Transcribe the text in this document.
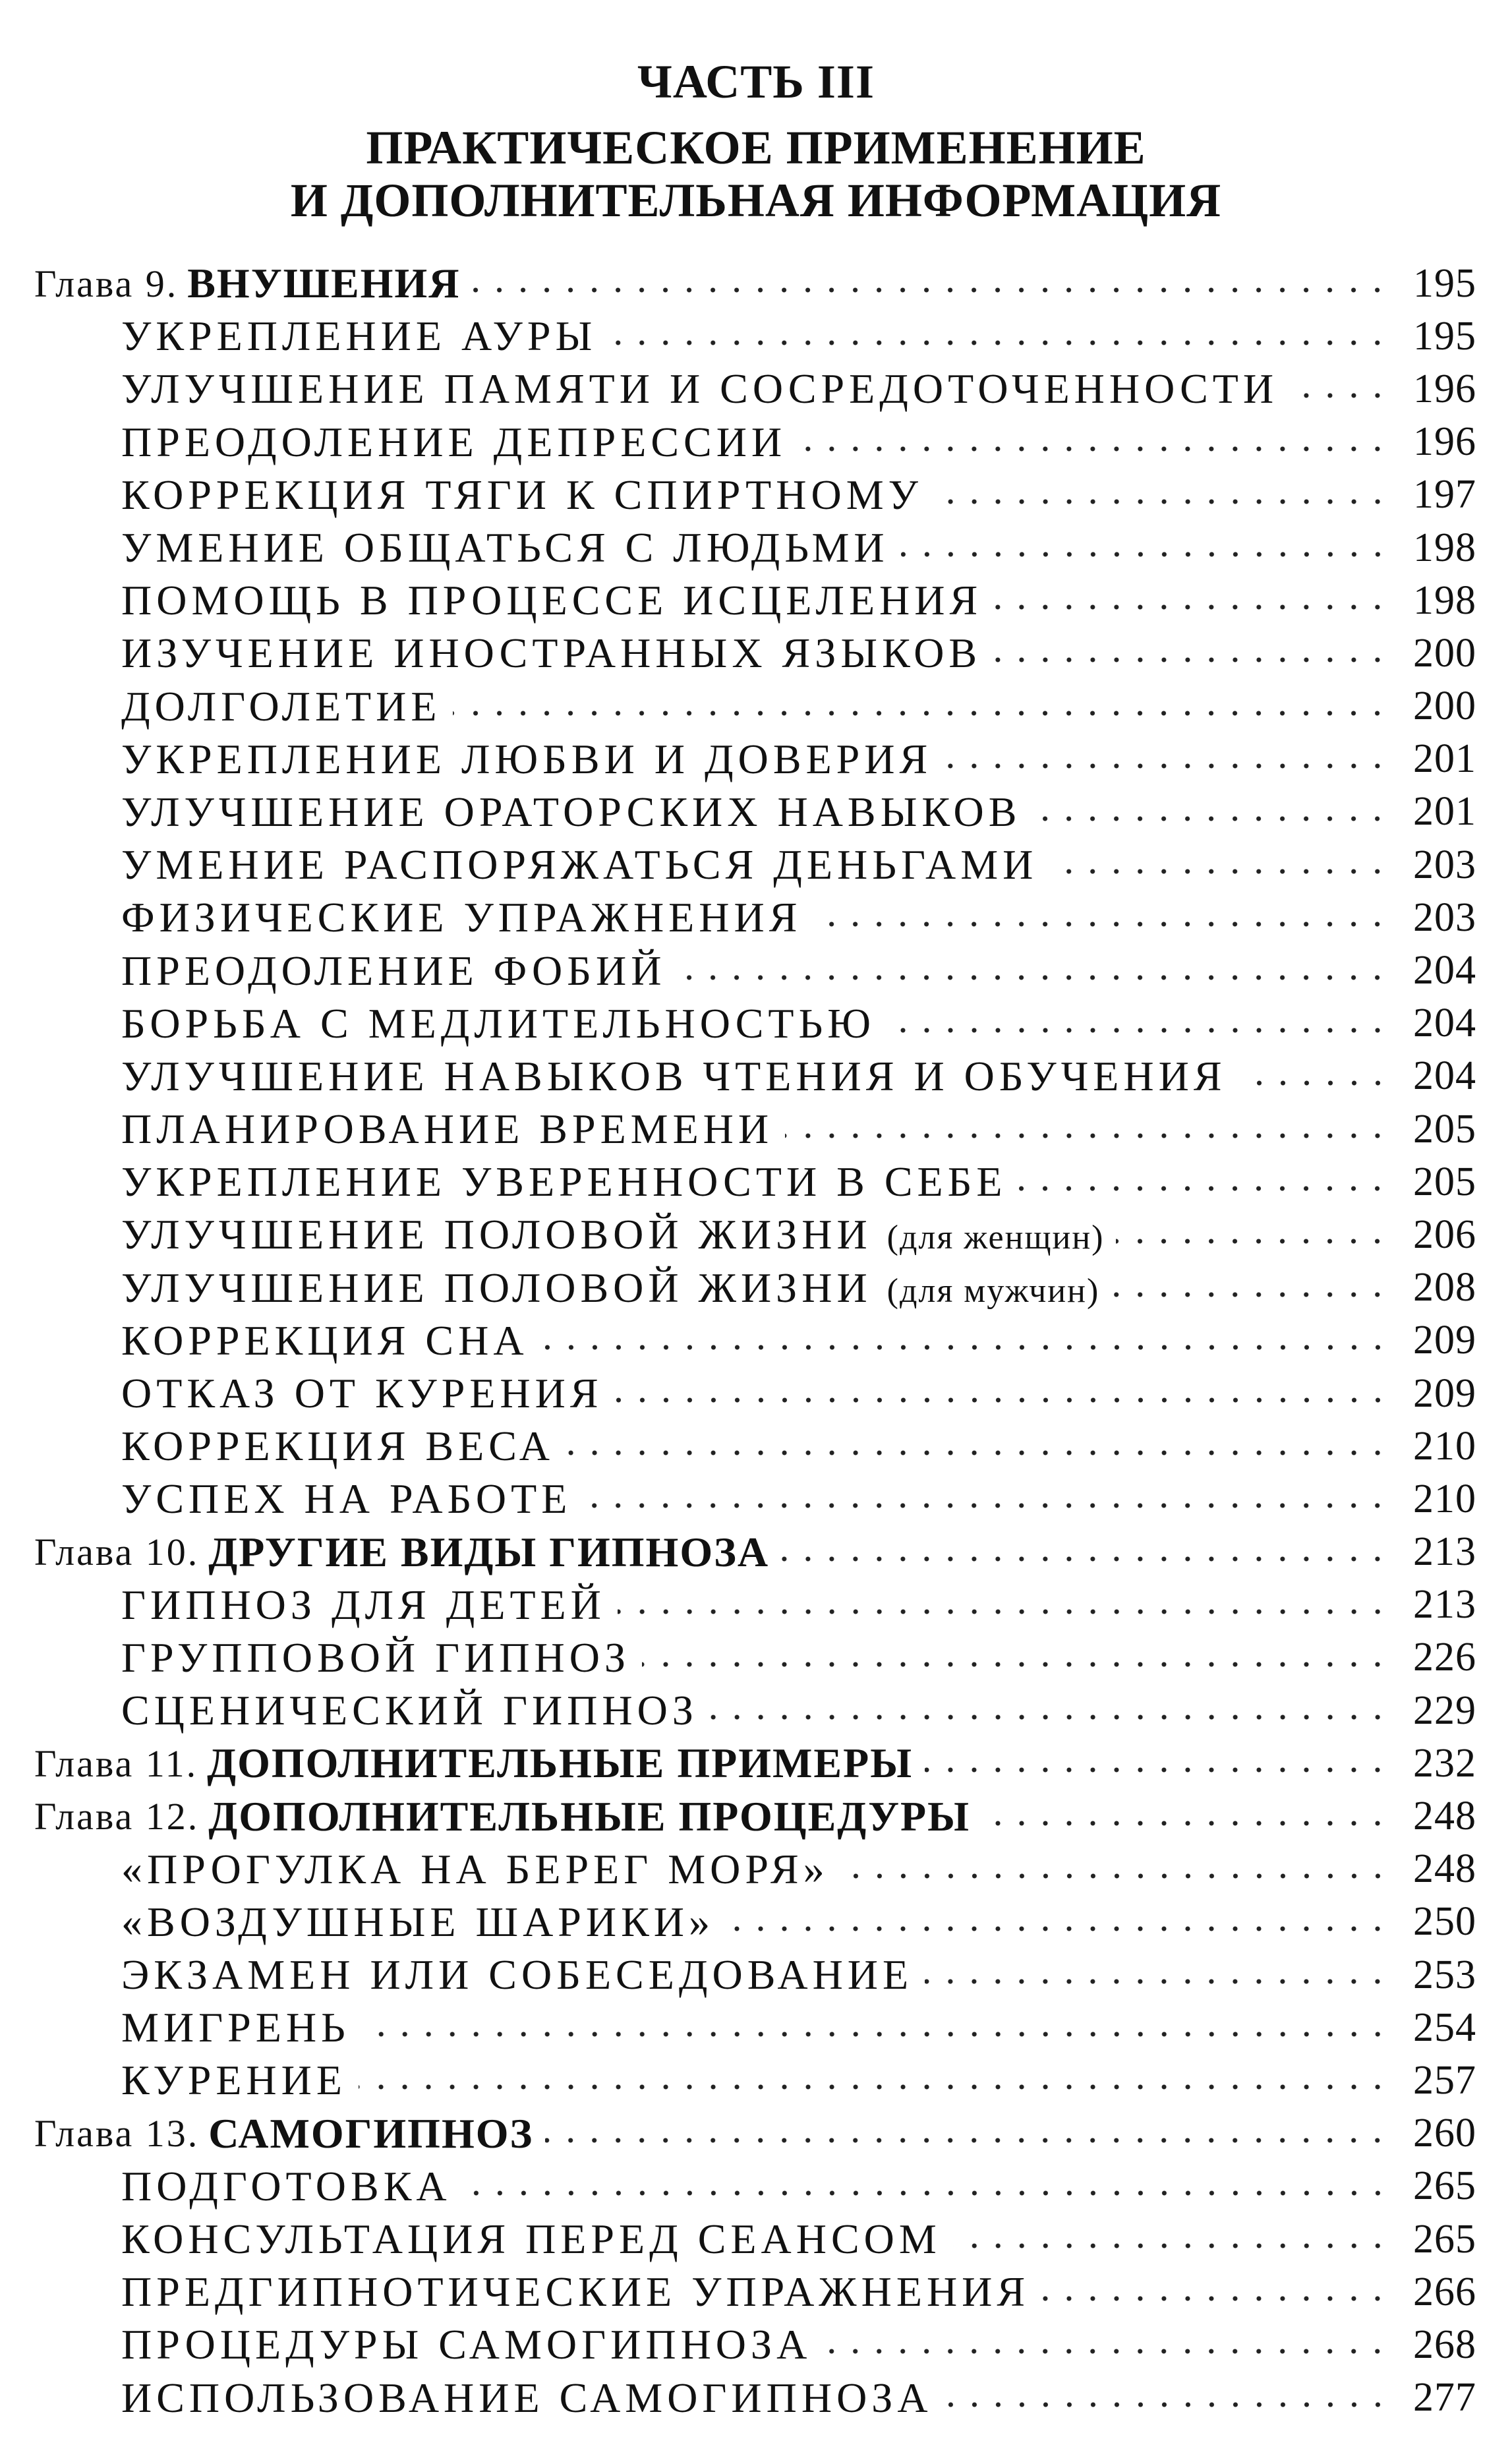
ЧАСТЬ III
ПРАКТИЧЕСКОЕ ПРИМЕНЕНИЕ
И ДОПОЛНИТЕЛЬНАЯ ИНФОРМАЦИЯ
Глава 9. ВНУШЕНИЯ	195
УКРЕПЛЕНИЕ АУРЫ	195
УЛУЧШЕНИЕ ПАМЯТИ И СОСРЕДОТОЧЕННОСТИ	196
ПРЕОДОЛЕНИЕ ДЕПРЕССИИ	196
КОРРЕКЦИЯ ТЯГИ К СПИРТНОМУ	197
УМЕНИЕ ОБЩАТЬСЯ С ЛЮДЬМИ	198
ПОМОЩЬ В ПРОЦЕССЕ ИСЦЕЛЕНИЯ	198
ИЗУЧЕНИЕ ИНОСТРАННЫХ ЯЗЫКОВ	200
ДОЛГОЛЕТИЕ	200
УКРЕПЛЕНИЕ ЛЮБВИ И ДОВЕРИЯ	201
УЛУЧШЕНИЕ ОРАТОРСКИХ НАВЫКОВ	201
УМЕНИЕ РАСПОРЯЖАТЬСЯ ДЕНЬГАМИ	203
ФИЗИЧЕСКИЕ УПРАЖНЕНИЯ	203
ПРЕОДОЛЕНИЕ ФОБИЙ	204
БОРЬБА С МЕДЛИТЕЛЬНОСТЬЮ	204
УЛУЧШЕНИЕ НАВЫКОВ ЧТЕНИЯ И ОБУЧЕНИЯ	204
ПЛАНИРОВАНИЕ ВРЕМЕНИ	205
УКРЕПЛЕНИЕ УВЕРЕННОСТИ В СЕБЕ	205
УЛУЧШЕНИЕ ПОЛОВОЙ ЖИЗНИ (для женщин)	206
УЛУЧШЕНИЕ ПОЛОВОЙ ЖИЗНИ (для мужчин)	208
КОРРЕКЦИЯ СНА	209
ОТКАЗ ОТ КУРЕНИЯ	209
КОРРЕКЦИЯ ВЕСА	210
УСПЕХ НА РАБОТЕ	210
Глава 10. ДРУГИЕ ВИДЫ ГИПНОЗА	213
ГИПНОЗ ДЛЯ ДЕТЕЙ	213
ГРУППОВОЙ ГИПНОЗ	226
СЦЕНИЧЕСКИЙ ГИПНОЗ	229
Глава 11. ДОПОЛНИТЕЛЬНЫЕ ПРИМЕРЫ	232
Глава 12. ДОПОЛНИТЕЛЬНЫЕ ПРОЦЕДУРЫ	248
«ПРОГУЛКА НА БЕРЕГ МОРЯ»	248
«ВОЗДУШНЫЕ ШАРИКИ»	250
ЭКЗАМЕН ИЛИ СОБЕСЕДОВАНИЕ	253
МИГРЕНЬ	254
КУРЕНИЕ	257
Глава 13. САМОГИПНОЗ	260
ПОДГОТОВКА	265
КОНСУЛЬТАЦИЯ ПЕРЕД СЕАНСОМ	265
ПРЕДГИПНОТИЧЕСКИЕ УПРАЖНЕНИЯ	266
ПРОЦЕДУРЫ САМОГИПНОЗА	268
ИСПОЛЬЗОВАНИЕ САМОГИПНОЗА	277
